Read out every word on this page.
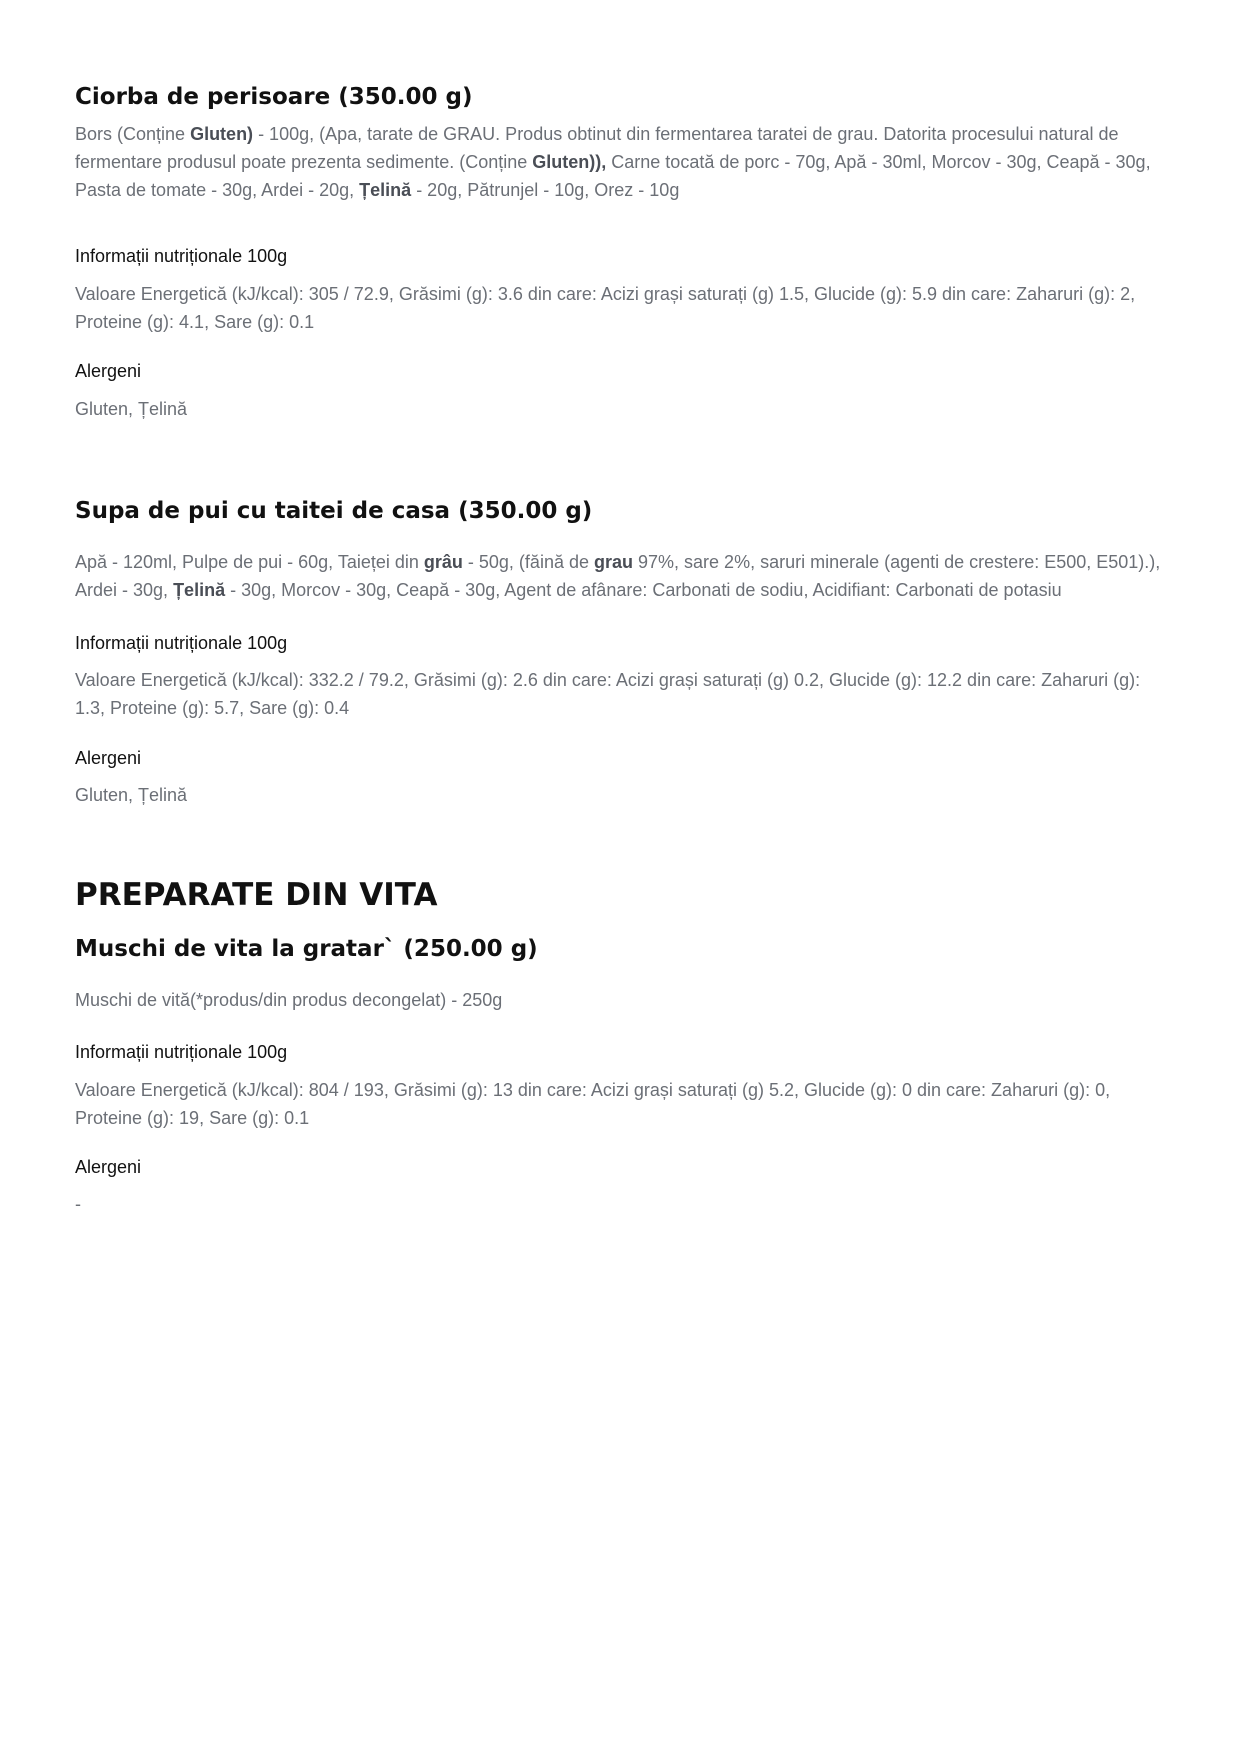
Ciorba de perisoare (350.00 g)

Bors (Conține Gluten) - 100g, (Apa, tarate de GRAU. Produs obtinut din fermentarea taratei de grau. Datorita procesului natural de fermentare produsul poate prezenta sedimente. (Conține Gluten)), Carne tocată de porc - 70g, Apă - 30ml, Morcov - 30g, Ceapă - 30g, Pasta de tomate - 30g, Ardei - 20g, Țelină - 20g, Pătrunjel - 10g, Orez - 10g

Informații nutriționale 100g

Valoare Energetică (kJ/kcal): 305 / 72.9, Grăsimi (g): 3.6 din care: Acizi grași saturați (g) 1.5, Glucide (g): 5.9 din care: Zaharuri (g): 2, Proteine (g): 4.1, Sare (g): 0.1

Alergeni

Gluten, Țelină

Supa de pui cu taitei de casa (350.00 g)

Apă - 120ml, Pulpe de pui - 60g, Taieței din grâu - 50g, (făină de grau 97%, sare 2%, saruri minerale (agenti de crestere: E500, E501).), Ardei - 30g, Țelină - 30g, Morcov - 30g, Ceapă - 30g, Agent de afânare: Carbonati de sodiu, Acidifiant: Carbonati de potasiu

Informații nutriționale 100g

Valoare Energetică (kJ/kcal): 332.2 / 79.2, Grăsimi (g): 2.6 din care: Acizi grași saturați (g) 0.2, Glucide (g): 12.2 din care: Zaharuri (g): 1.3, Proteine (g): 5.7, Sare (g): 0.4

Alergeni

Gluten, Țelină

PREPARATE DIN VITA
Muschi de vita la gratar` (250.00 g)

Muschi de vită(*produs/din produs decongelat) - 250g

Informații nutriționale 100g

Valoare Energetică (kJ/kcal): 804 / 193, Grăsimi (g): 13 din care: Acizi grași saturați (g) 5.2, Glucide (g): 0 din care: Zaharuri (g): 0, Proteine (g): 19, Sare (g): 0.1

Alergeni

-
